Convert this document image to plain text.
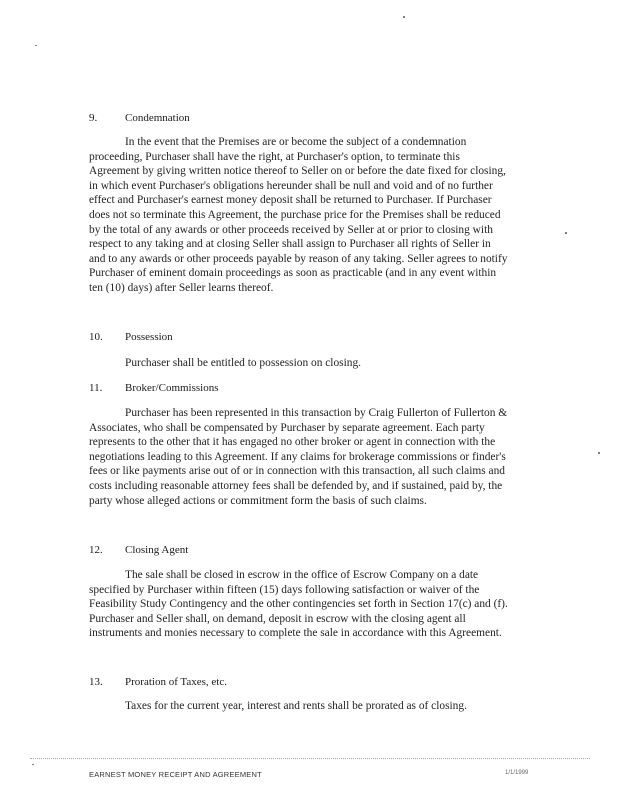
9.	Condemnation

In the event that the Premises are or become the subject of a condemnation proceeding, Purchaser shall have the right, at Purchaser's option, to terminate this Agreement by giving written notice thereof to Seller on or before the date fixed for closing, in which event Purchaser's obligations hereunder shall be null and void and of no further effect and Purchaser's earnest money deposit shall be returned to Purchaser. If Purchaser does not so terminate this Agreement, the purchase price for the Premises shall be reduced by the total of any awards or other proceeds received by Seller at or prior to closing with respect to any taking and at closing Seller shall assign to Purchaser all rights of Seller in and to any awards or other proceeds payable by reason of any taking. Seller agrees to notify Purchaser of eminent domain proceedings as soon as practicable (and in any event within ten (10) days) after Seller learns thereof.

10. Possession

Purchaser shall be entitled to possession on closing.

11. Broker/Commissions

Purchaser has been represented in this transaction by Craig Fullerton of Fullerton & Associates, who shall be compensated by Purchaser by separate agreement. Each party represents to the other that it has engaged no other broker or agent in connection with the negotiations leading to this Agreement. If any claims for brokerage commissions or finder's fees or like payments arise out of or in connection with this transaction, all such claims and costs including reasonable attorney fees shall be defended by, and if sustained, paid by, the party whose alleged actions or commitment form the basis of such claims.

12. Closing Agent

The sale shall be closed in escrow in the office of Escrow Company on a date specified by Purchaser within fifteen (15) days following satisfaction or waiver of the Feasibility Study Contingency and the other contingencies set forth in Section 17(c) and (f). Purchaser and Seller shall, on demand, deposit in escrow with the closing agent all instruments and monies necessary to complete the sale in accordance with this Agreement.

13. Proration of Taxes, etc.

Taxes for the current year, interest and rents shall be prorated as of closing.

EARNEST MONEY RECEIPT AND AGREEMENT	1/1/1999
